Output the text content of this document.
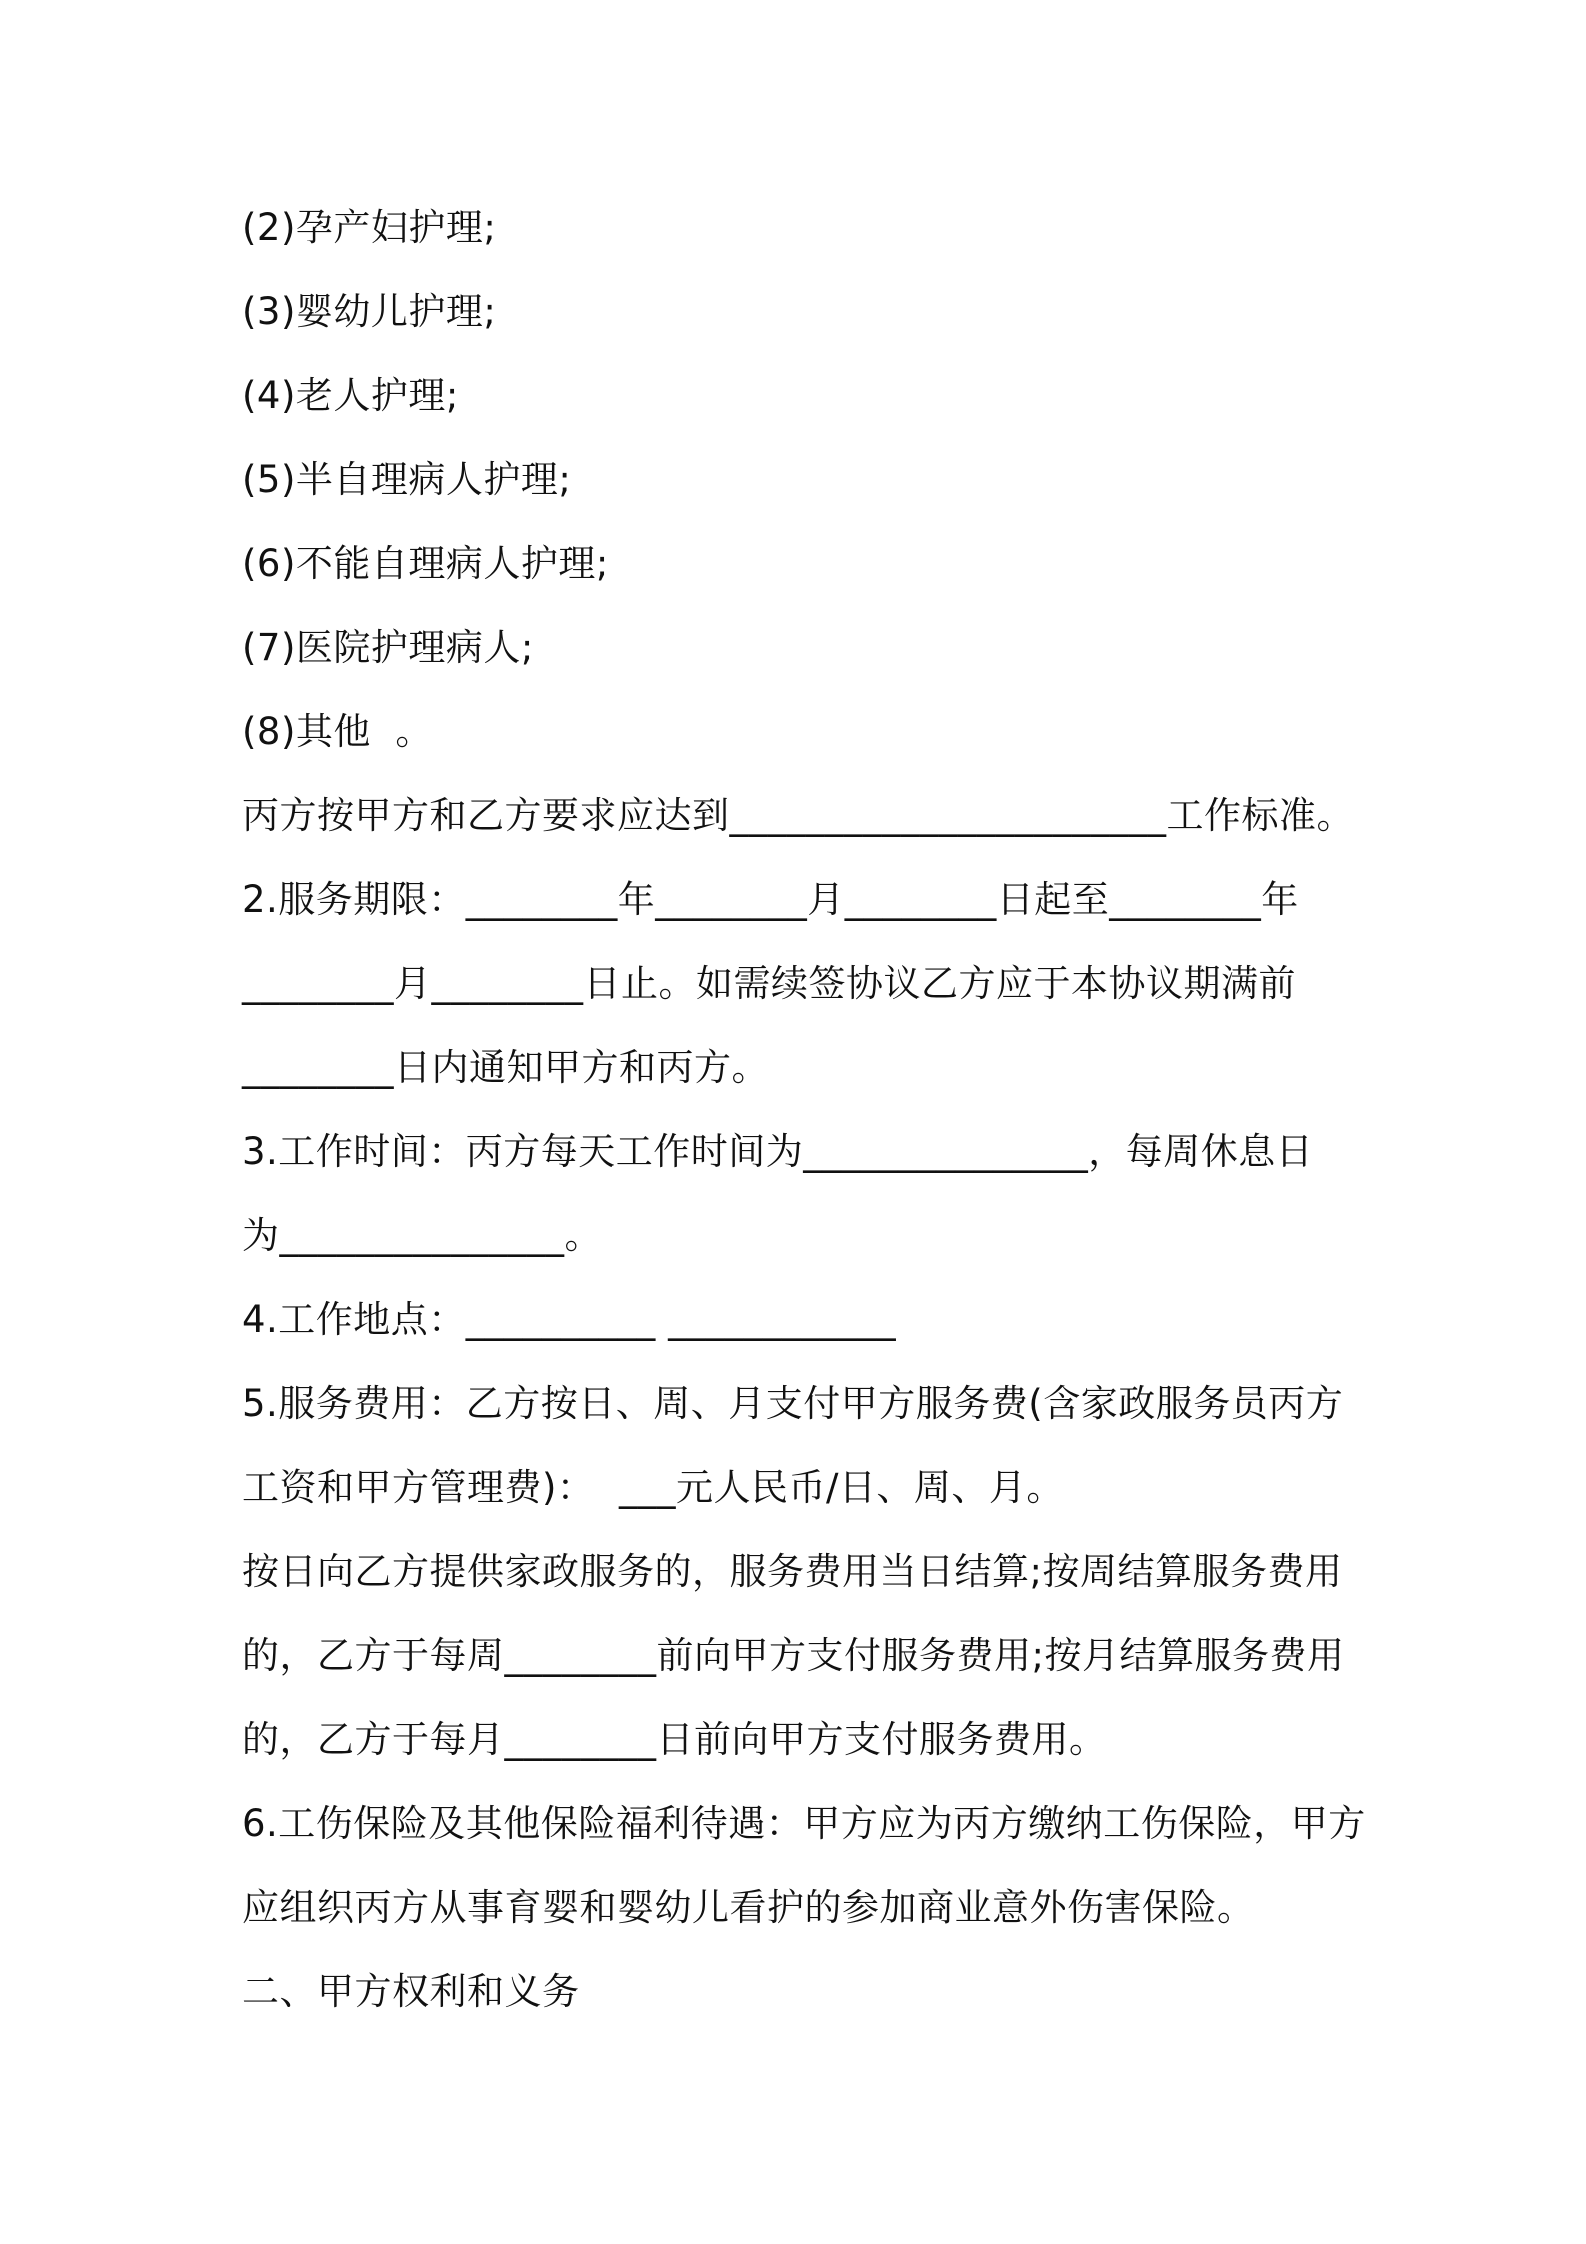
(2)孕产妇护理;
(3)婴幼儿护理;
(4)老人护理;
(5)半自理病人护理;
(6)不能自理病人护理;
(7)医院护理病人;
(8)其他  。
丙方按甲方和乙方要求应达到_______________________工作标准。
2.服务期限：________年________月________日起至________年
________月________日止。如需续签协议乙方应于本协议期满前
________日内通知甲方和丙方。
3.工作时间：丙方每天工作时间为_______________，每周休息日
为_______________。
4.工作地点：__________ ____________
5.服务费用：乙方按日、周、月支付甲方服务费(含家政服务员丙方
工资和甲方管理费)：  ___元人民币/日、周、月。
按日向乙方提供家政服务的，服务费用当日结算;按周结算服务费用
的，乙方于每周________前向甲方支付服务费用;按月结算服务费用
的，乙方于每月________日前向甲方支付服务费用。
6.工伤保险及其他保险福利待遇：甲方应为丙方缴纳工伤保险，甲方
应组织丙方从事育婴和婴幼儿看护的参加商业意外伤害保险。
二、甲方权利和义务
